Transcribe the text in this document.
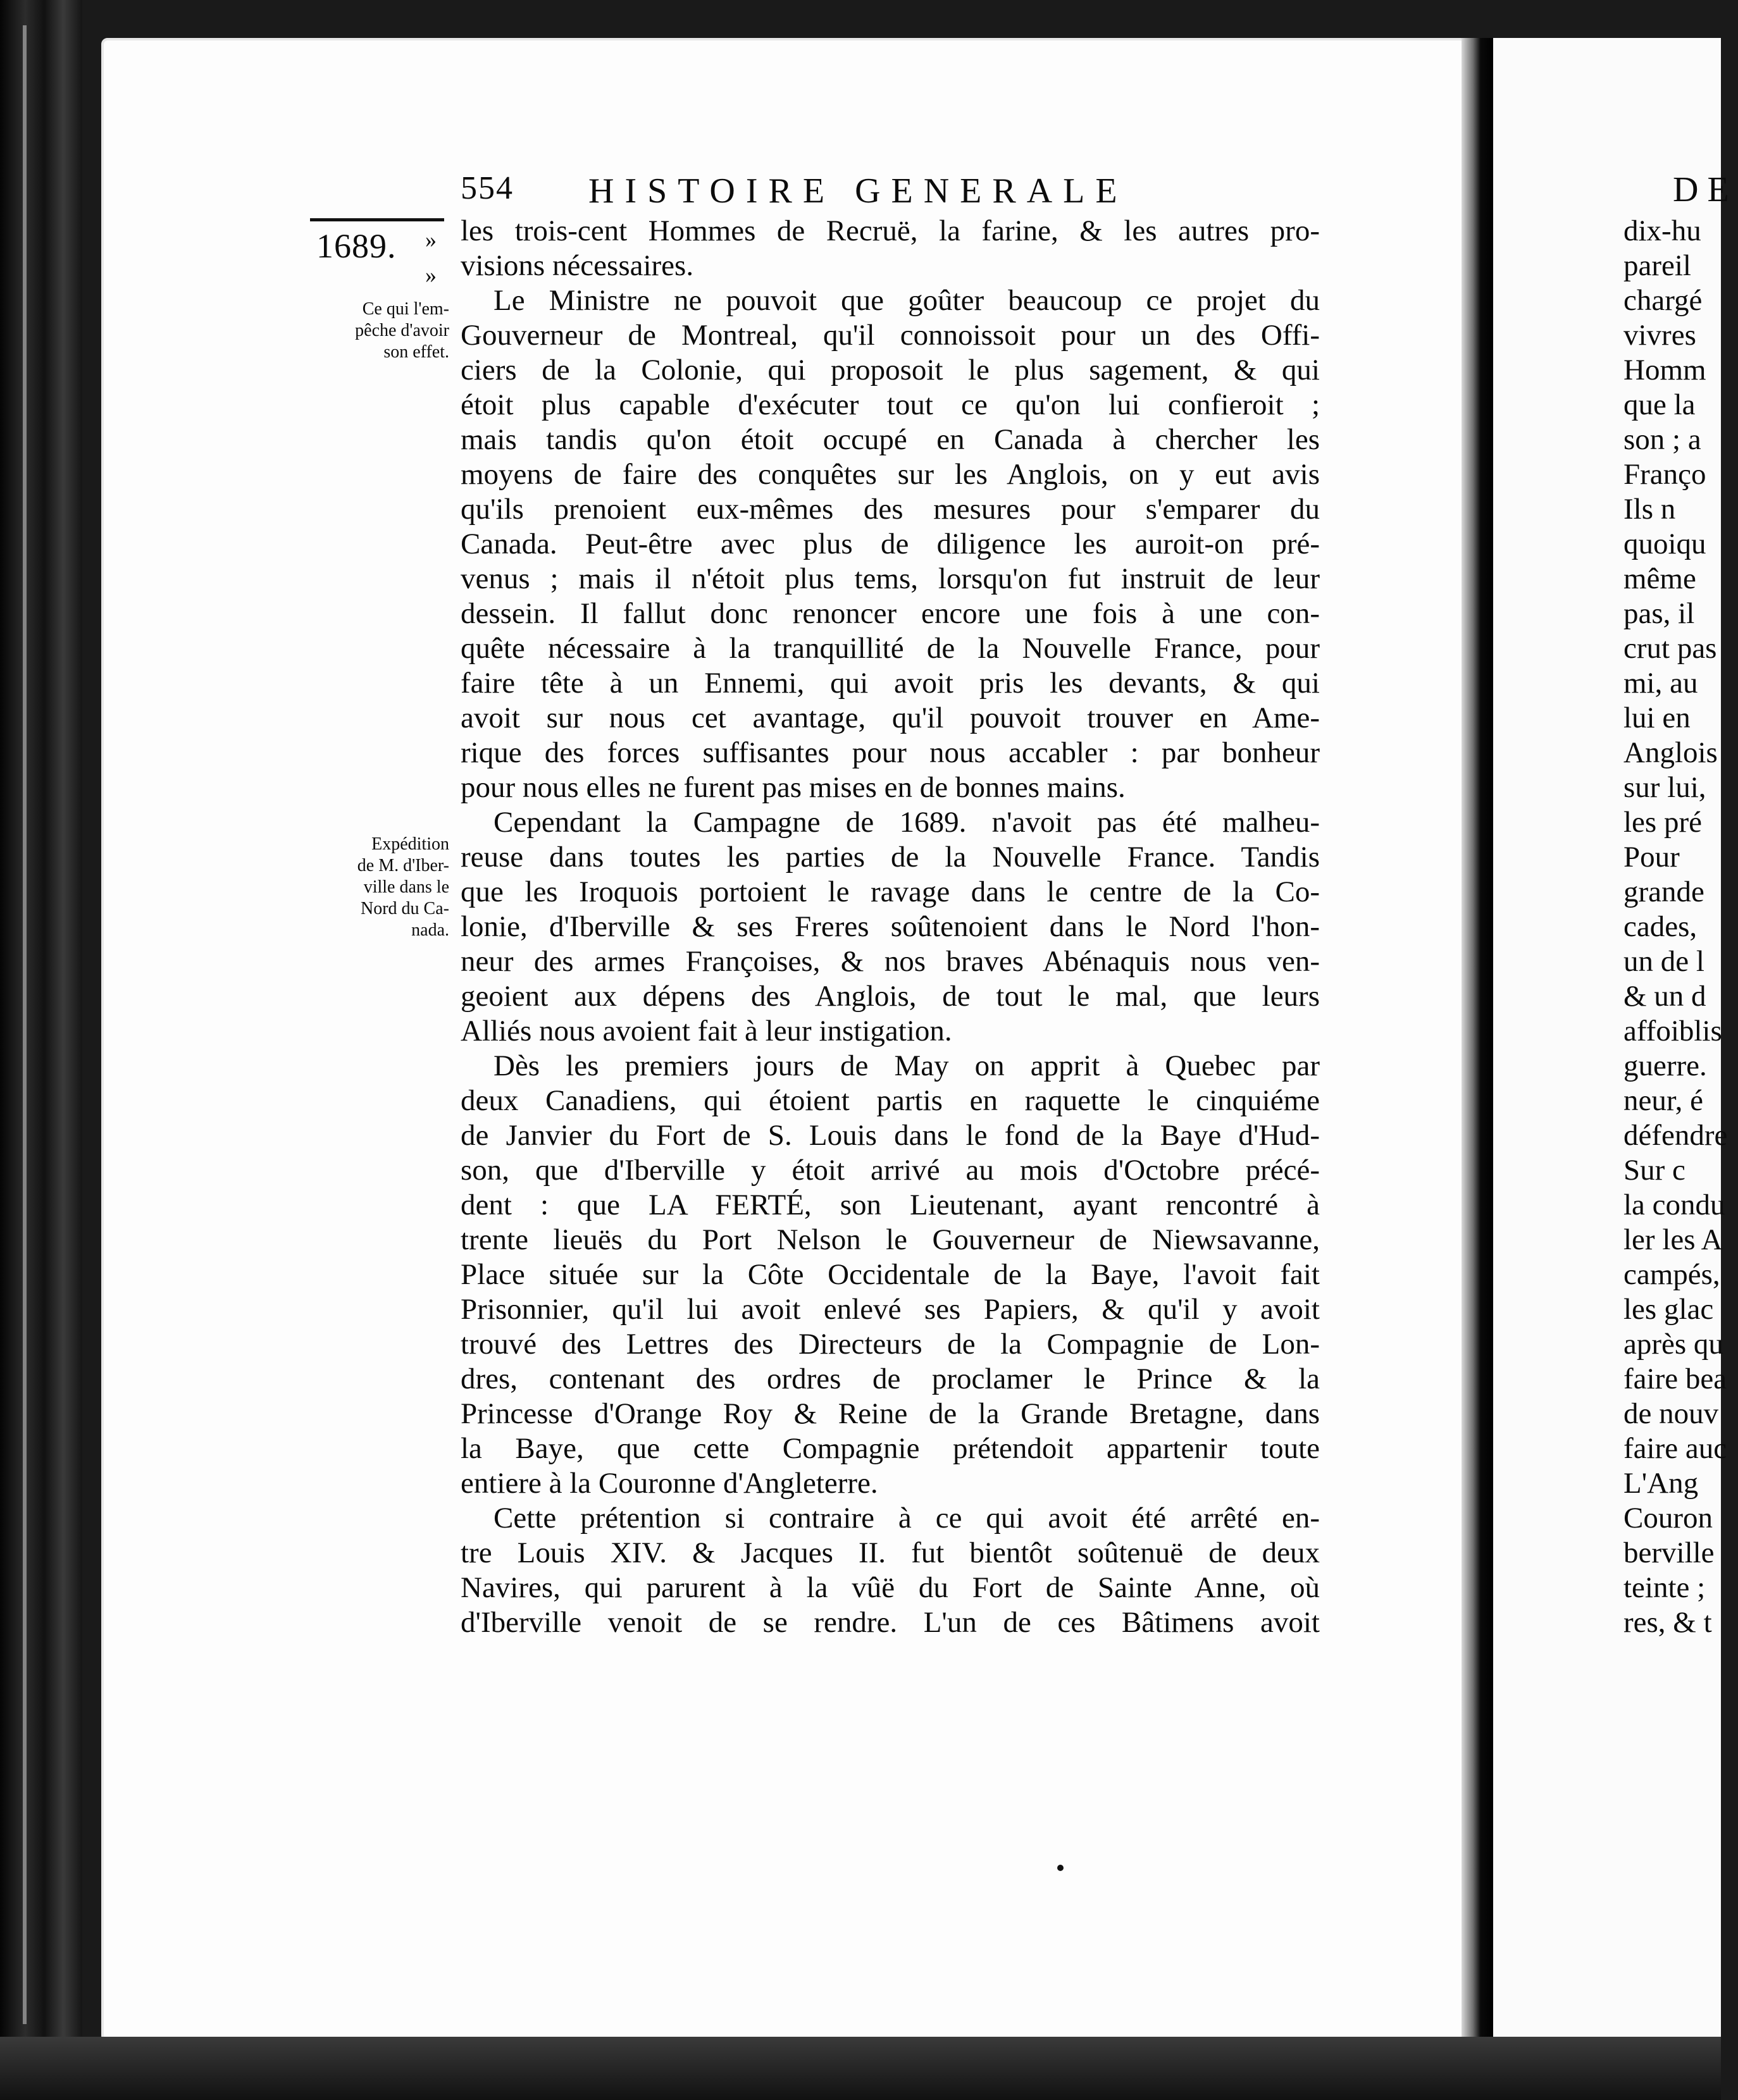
554 HISTOIRE GENERALE
1689. »
»
Ce qui l'em-
pêche d'avoir
son effet.
Expédition
de M. d'Iber-
ville dans le
Nord du Ca-
nada.
les trois-cent Hommes de Recruë, la farine, & les autres pro-
visions nécessaires.
Le Ministre ne pouvoit que goûter beaucoup ce projet du
Gouverneur de Montreal, qu'il connoissoit pour un des Offi-
ciers de la Colonie, qui proposoit le plus sagement, & qui
étoit plus capable d'exécuter tout ce qu'on lui confieroit ;
mais tandis qu'on étoit occupé en Canada à chercher les
moyens de faire des conquêtes sur les Anglois, on y eut avis
qu'ils prenoient eux-mêmes des mesures pour s'emparer du
Canada. Peut-être avec plus de diligence les auroit-on pré-
venus ; mais il n'étoit plus tems, lorsqu'on fut instruit de leur
dessein. Il fallut donc renoncer encore une fois à une con-
quête nécessaire à la tranquillité de la Nouvelle France, pour
faire tête à un Ennemi, qui avoit pris les devants, & qui
avoit sur nous cet avantage, qu'il pouvoit trouver en Ame-
rique des forces suffisantes pour nous accabler : par bonheur
pour nous elles ne furent pas mises en de bonnes mains.
Cependant la Campagne de 1689. n'avoit pas été malheu-
reuse dans toutes les parties de la Nouvelle France. Tandis
que les Iroquois portoient le ravage dans le centre de la Co-
lonie, d'Iberville & ses Freres soûtenoient dans le Nord l'hon-
neur des armes Françoises, & nos braves Abénaquis nous ven-
geoient aux dépens des Anglois, de tout le mal, que leurs
Alliés nous avoient fait à leur instigation.
Dès les premiers jours de May on apprit à Quebec par
deux Canadiens, qui étoient partis en raquette le cinquiéme
de Janvier du Fort de S. Louis dans le fond de la Baye d'Hud-
son, que d'Iberville y étoit arrivé au mois d'Octobre précé-
dent : que LA FERTÉ, son Lieutenant, ayant rencontré à
trente lieuës du Port Nelson le Gouverneur de Niewsavanne,
Place située sur la Côte Occidentale de la Baye, l'avoit fait
Prisonnier, qu'il lui avoit enlevé ses Papiers, & qu'il y avoit
trouvé des Lettres des Directeurs de la Compagnie de Lon-
dres, contenant des ordres de proclamer le Prince & la
Princesse d'Orange Roy & Reine de la Grande Bretagne, dans
la Baye, que cette Compagnie prétendoit appartenir toute
entiere à la Couronne d'Angleterre.
Cette prétention si contraire à ce qui avoit été arrêté en-
tre Louis XIV. & Jacques II. fut bientôt soûtenuë de deux
Navires, qui parurent à la vûë du Fort de Sainte Anne, où
d'Iberville venoit de se rendre. L'un de ces Bâtimens avoit
DE
dix-hu
pareil
chargé
vivres
Homm
que la
son ; a
Franço
Ils n
quoiqu
même
pas, il
crut pas
mi, au
lui en
Anglois
sur lui,
les pré
Pour
grande
cades,
un de l
& un d
affoiblis
guerre.
neur, é
défendre
Sur c
la condu
ler les A
campés,
les glac
après qu
faire bea
de nouv
faire auc
L'Ang
Couron
berville
teinte ;
res, & t
